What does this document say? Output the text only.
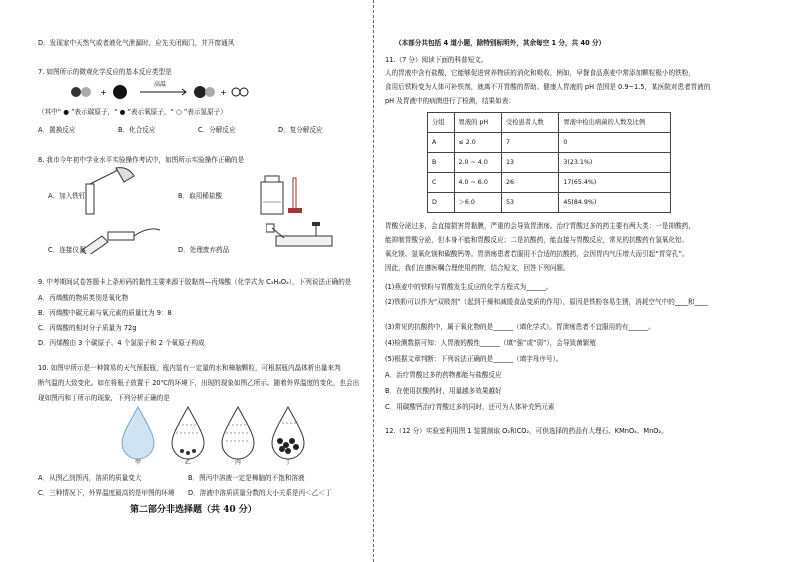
D．发现家中天然气或者液化气泄漏时，应先关闭阀门，并开窗通风
7. 如图所示的微观化学反应的基本反应类型是
+
高温
+
（其中“ ● ”表示碳原子，“ ● ”表示氧原子，“ ○ ”表示氢原子）
A．置换反应	B．化合反应	C．分解反应	D．复分解反应
8. 我市今年初中学业水平实验操作考试中，如图所示实验操作正确的是
A．加入铁钉	B．取用稀盐酸
C．连接仪器	D．处理废弃药品
9. 中考期间试卷答题卡上条形码的黏性主要来源于胶黏剂—丙烯酸（化学式为 C₃H₄O₂），下列说法正确的是
A．丙烯酸的物质类别是氧化物
B．丙烯酸中碳元素与氧元素的质量比为 9：8
C．丙烯酸的相对分子质量为 72g
D．丙烯酸由 3 个碳原子、4 个氢原子和 2 个氧原子构成
10. 如图甲所示是一种简易的天气预报瓶，瓶内装有一定量的水和樟脑颗粒，可根据瓶内晶体析出量来判
断气温的大致变化。如在将瓶子放置于 20℃的环境下，出现的现象如图乙所示。随着外界温度的变化，也会出
现如图丙和丁所示的现象，下列分析正确的是
甲	乙	丙	丁
A．从图乙到图丙，溶质的质量变大	B．图丙中溶液一定是樟脑的不饱和溶液
C．三种情况下，外界温度最高的是甲图的环境 D．溶液中溶质质量分数的大小关系是丙＜乙＜丁
第二部分非选择题（共 40 分）
（本部分共包括 4 道小题，除特别标明外，其余每空 1 分，共 40 分）
11.（7 分）阅读下面的科普短文。
人的胃液中含有盐酸，它能够促进营养物质的消化和吸收，例如，早餐食品燕麦中常添加颗粒极小的铁粉，
食用后铁粉变为人体可补铁剂，就离不开胃酸的帮助。健康人胃液的 pH 范围是 0.9~1.5，某医院对患者胃液的
pH 及胃液中的病菌进行了检测，结果如表：
分组	胃液的 pH	受检患者人数	胃液中检出病菌的人数及比例
A	≤ 2.0	7	0
B	2.0 ~ 4.0	13	3(23.1%)
C	4.0 ~ 6.0	26	17(65.4%)
D	＞6.0	53	45(84.9%)
胃酸分泌过多，会直接损害胃黏膜，严重的会导致胃溃疡。治疗胃酸过多的药主要有两大类：一是抑酸药，
能抑制胃酸分泌，但本身不能和胃酸反应；二是抗酸药，能直接与胃酸反应，常见的抗酸药有氢氧化铝、
氧化镁、氢氧化镁和碳酸钙等。胃溃疡患者若服用不合适的抗酸药，会因胃内气压增大而引起“胃穿孔”。
因此，我们在遵医嘱合理使用药物，结合短文，回答下列问题。
(1)燕麦中的铁粉与胃酸发生反应的化学方程式为______。
(2)铁粉可以作为“双吸剂”（起到干燥和减缓食品变质的作用），原因是铁粉容易生锈，消耗空气中的____和____
(3)常见的抗酸药中，属于氧化物的是______（填化学式）。胃溃疡患者不宜服用的有______。
(4)检测数据可知：人胃液的酸性______（填“强”或“弱”），会导致菌繁殖
(5)根据文章判断：下列说法正确的是______（填字母序号）。
A．治疗胃酸过多的药物都能与盐酸反应
B．在使用抗酸药时，用量越多效果越好
C．用碳酸钙治疗胃酸过多的同时，还可为人体补充钙元素
12.（12 分）实验室利用图 1 装置制取 O₂和CO₂，可供选择的药品有大理石、KMnO₄、MnO₂。
